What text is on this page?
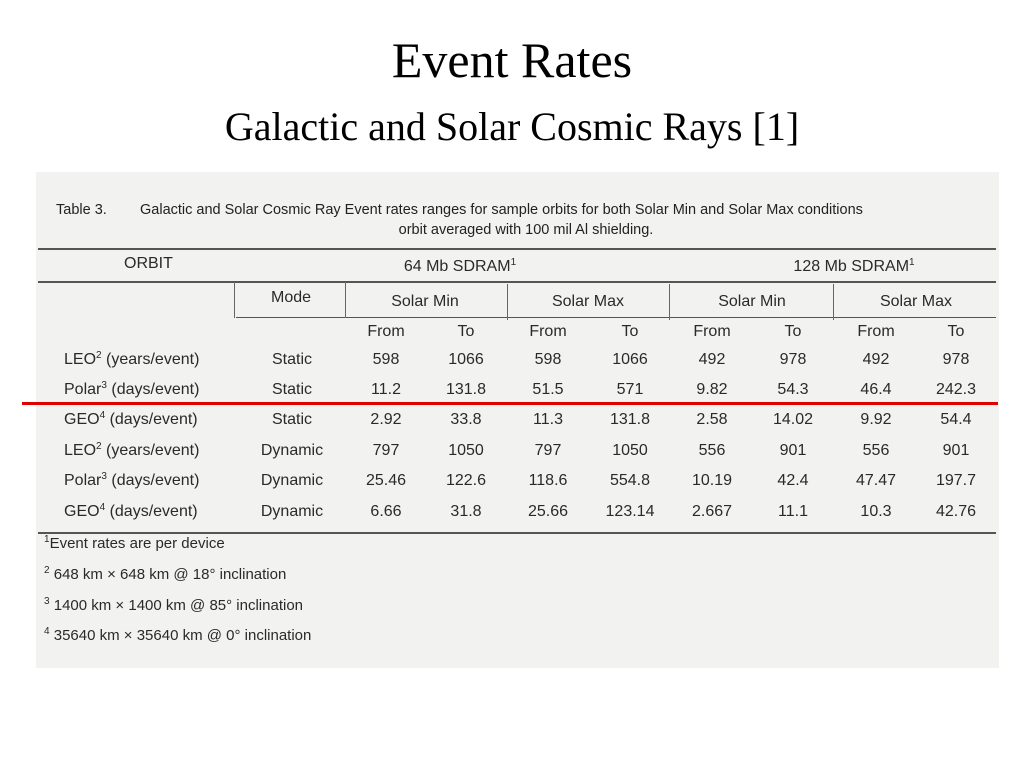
Event Rates
Galactic and Solar Cosmic Rays [1]
Table 3. Galactic and Solar Cosmic Ray Event rates ranges for sample orbits for both Solar Min and Solar Max conditions
orbit averaged with 100 mil Al shielding.
ORBIT	64 Mb SDRAM$^1$	128 Mb SDRAM$^1$
Mode	Solar Min	Solar Max	Solar Min	Solar Max
From	To	From	To	From	To	From	To
LEO$^2$ (years/event)	Static	598	1066	598	1066	492	978	492	978
Polar$^3$ (days/event)	Static	11.2	131.8	51.5	571	9.82	54.3	46.4	242.3
GEO$^4$ (days/event)	Static	2.92	33.8	11.3	131.8	2.58	14.02	9.92	54.4
LEO$^2$ (years/event)	Dynamic	797	1050	797	1050	556	901	556	901
Polar$^3$ (days/event)	Dynamic	25.46	122.6	118.6	554.8	10.19	42.4	47.47	197.7
GEO$^4$ (days/event)	Dynamic	6.66	31.8	25.66	123.14	2.667	11.1	10.3	42.76
$^1$Event rates are per device
$^2$ 648 km × 648 km @ 18° inclination
$^3$ 1400 km × 1400 km @ 85° inclination
$^4$ 35640 km × 35640 km @ 0° inclination
